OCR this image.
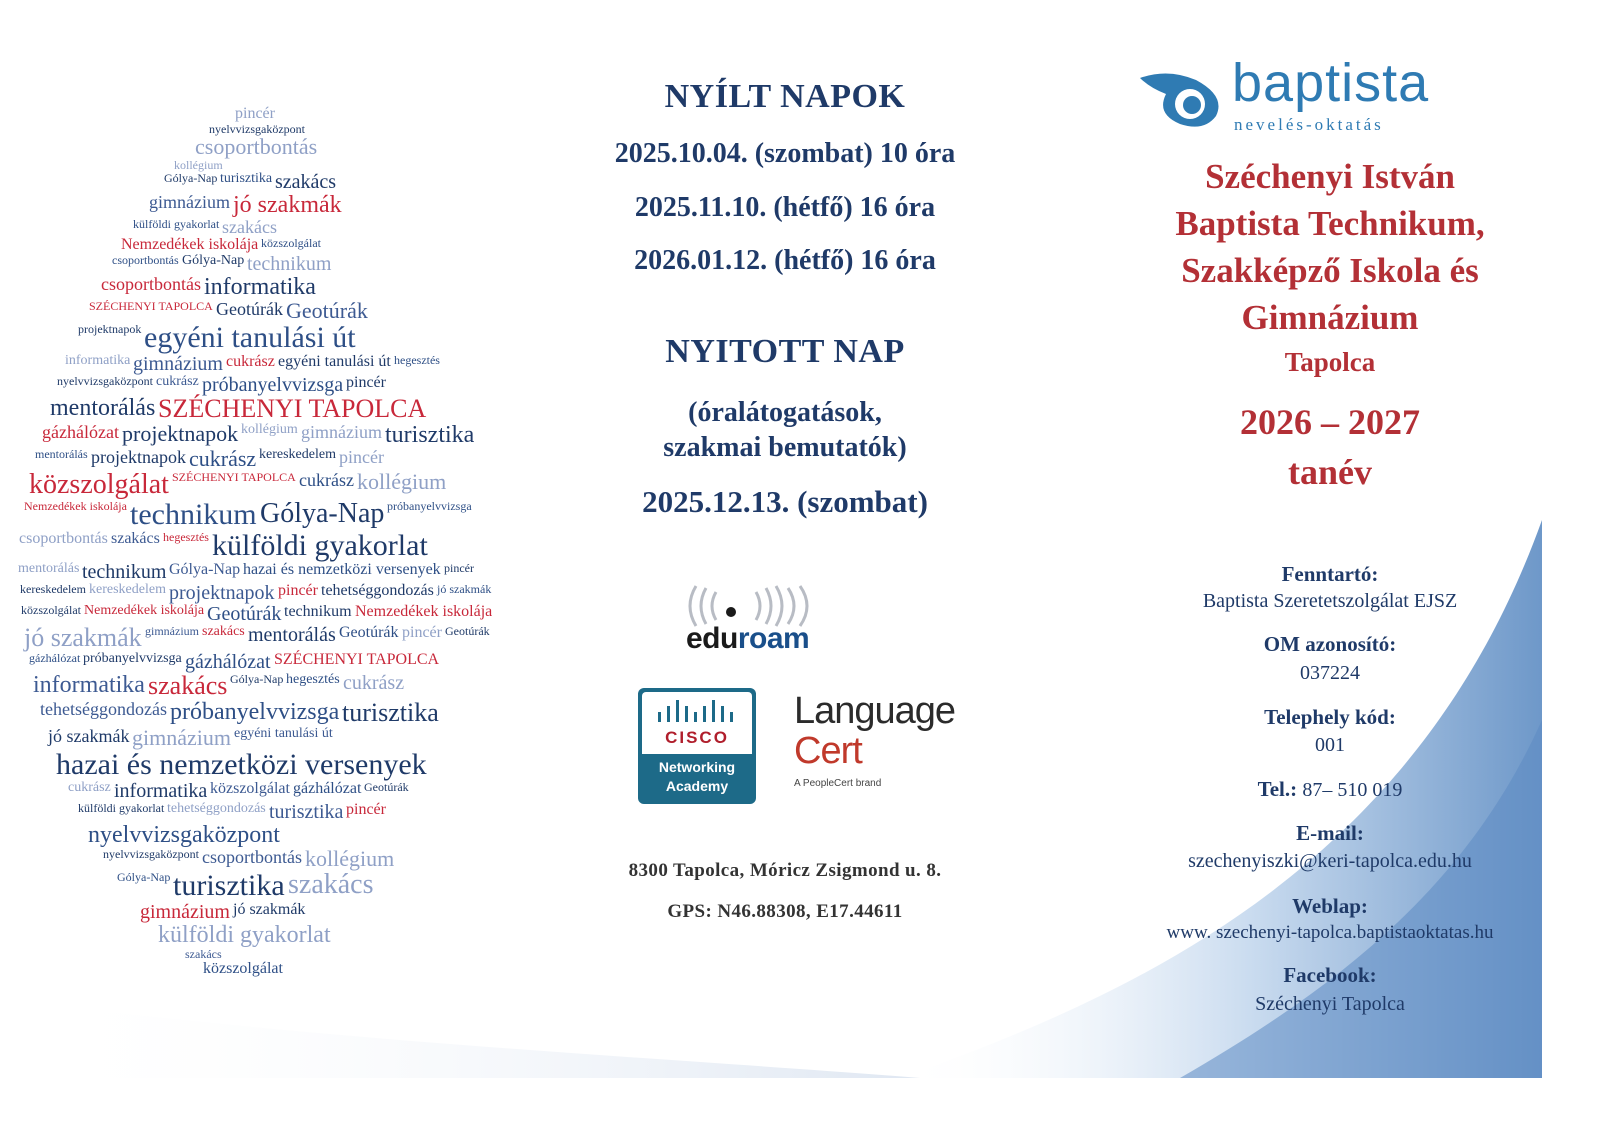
pincér
nyelvvizsgaközpont
csoportbontás
kollégium
Gólya-Nap turisztika szakács
gimnázium jó szakmák
külföldi gyakorlat szakács
Nemzedékek iskolája közszolgálat
csoportbontás Gólya-Nap technikum
csoportbontás informatika
SZÉCHENYI TAPOLCA Geotúrák Geotúrák
projektnapok egyéni tanulási út
informatika gimnázium cukrász egyéni tanulási út hegesztés
nyelvvizsgaközpont cukrász próbanyelvvizsga pincér
mentorálás SZÉCHENYI TAPOLCA
gázhálózat projektnapok kollégium gimnázium turisztika
mentorálás projektnapok cukrász kereskedelem pincér
közszolgálat SZÉCHENYI TAPOLCA cukrász kollégium
Nemzedékek iskolája technikum Gólya-Nap próbanyelvvizsga
csoportbontás szakács hegesztés külföldi gyakorlat
mentorálás technikum Gólya-Nap hazai és nemzetközi versenyek pincér
kereskedelem kereskedelem projektnapok pincér tehetséggondozás jó szakmák
közszolgálat Nemzedékek iskolája Geotúrák technikum Nemzedékek iskolája
jó szakmák gimnázium szakács mentorálás Geotúrák pincér Geotúrák
gázhálózat próbanyelvvizsga gázhálózat SZÉCHENYI TAPOLCA
informatika szakács Gólya-Nap hegesztés cukrász
tehetséggondozás próbanyelvvizsga turisztika
jó szakmák gimnázium egyéni tanulási út
hazai és nemzetközi versenyek
cukrász informatika közszolgálat gázhálózat Geotúrák
külföldi gyakorlat tehetséggondozás turisztika pincér
nyelvvizsgaközpont
nyelvvizsgaközpont csoportbontás kollégium
Gólya-Nap turisztika szakács
gimnázium jó szakmák
külföldi gyakorlat
szakács
közszolgálat
NYÍLT NAPOK
2025.10.04. (szombat) 10 óra
2025.11.10. (hétfő) 16 óra
2026.01.12. (hétfő) 16 óra
NYITOTT NAP
(óralátogatások,
szakmai bemutatók)
2025.12.13. (szombat)
eduroam
CISCO
Networking
Academy
Language
Cert
A PeopleCert brand
8300 Tapolca, Móricz Zsigmond u. 8.
GPS: N46.88308, E17.44611
baptista
nevelés-oktatás
Széchenyi István
Baptista Technikum,
Szakképző Iskola és
Gimnázium
Tapolca
2026 – 2027
tanév
Fenntartó:
Baptista Szeretetszolgálat EJSZ
OM azonosító:
037224
Telephely kód:
001
Tel.: 87– 510 019
E-mail:
szechenyiszki@keri-tapolca.edu.hu
Weblap:
www. szechenyi-tapolca.baptistaoktatas.hu
Facebook:
Széchenyi Tapolca
